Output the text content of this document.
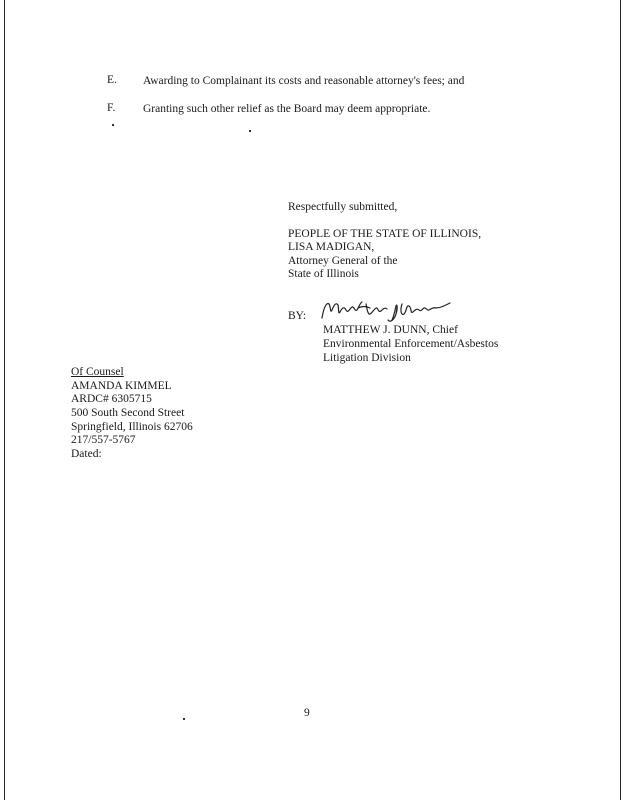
E. Awarding to Complainant its costs and reasonable attorney's fees; and
F. Granting such other relief as the Board may deem appropriate.
Respectfully submitted,
PEOPLE OF THE STATE OF ILLINOIS,
LISA MADIGAN,
Attorney General of the
State of Illinois
BY:
MATTHEW J. DUNN, Chief
Environmental Enforcement/Asbestos
Litigation Division
Of Counsel
AMANDA KIMMEL
ARDC# 6305715
500 South Second Street
Springfield, Illinois 62706
217/557-5767
Dated:
9
